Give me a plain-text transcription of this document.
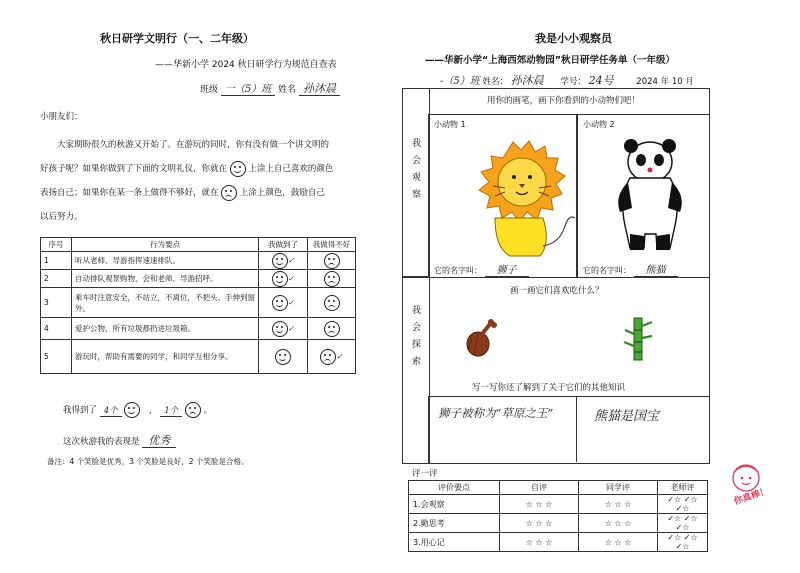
秋日研学文明行（一、二年级）
——华新小学 2024 秋日研学行为规范自查表
班级 一（5）班 姓名 孙沐晨
小朋友们：
大家期盼很久的秋游又开始了。在游玩的同时，你有没有做一个讲文明的
好孩子呢？如果你做到了下面的文明礼仪，你就在	上涂上自己喜欢的颜色
表扬自己；如果你在某一条上做得不够好，就在	上涂上颜色，鼓励自己
以后努力。
序号	行为要点	我做到了	我做得不好
1	听从老师、导游指挥速速排队。	✓	
2	自动排队观景购物，会和老师、导游招呼。	✓	
3	乘车时注意安全，不站立，不离位，不把头、手伸到窗外。	✓	
4	爱护公物，所有垃圾都扔进垃圾箱。	✓	
5	游玩时，帮助有需要的同学，和同学互相分享。		✓
我得到了 4个	， 1个	。
这次秋游我的表现是 优秀
备注：4 个笑脸是优秀，3 个笑脸是良好，2 个笑脸是合格。
我是小小观察员
——华新小学“上海西郊动物园”秋日研学任务单（一年级）
-（5）班 姓名： 孙沐晨 学号： 24号	2024 年 10 月
我会观察
用你的画笔，画下你看到的小动物们吧！
小动物 1	小动物 2
它的名字叫： 狮子	它的名字叫： 熊猫
我会探索
画一画它们喜欢吃什么？
写一写你还了解到了关于它们的其他知识
狮子被称为“草原之王”	熊猫是国宝
评一评
评价要点	自评	同学评	老师评
1.会观察	☆ ☆ ☆	☆ ☆ ☆	✓☆ ✓☆ ✓☆
2.勤思考	☆ ☆ ☆	☆ ☆ ☆	✓☆ ✓☆ ✓☆
3.用心记	☆ ☆ ☆	☆ ☆ ☆	✓☆ ✓☆ ✓☆
你真棒！
